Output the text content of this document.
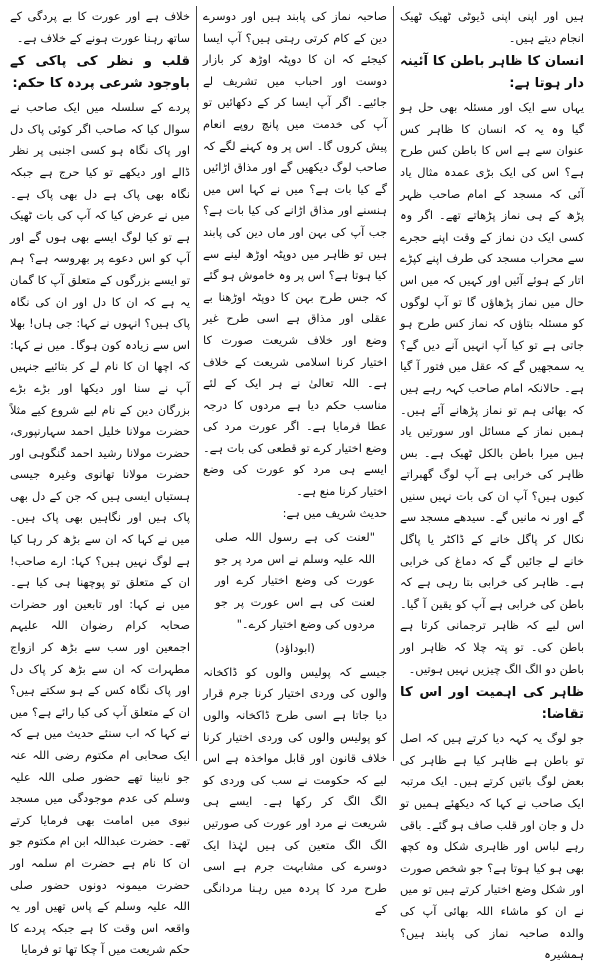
ہیں اور اپنی اپنی ڈیوٹی ٹھیک ٹھیک انجام دیتے ہیں۔

انسان کا ظاہر باطن کا آئینہ دار ہوتا ہے:

یہاں سے ایک اور مسئلہ بھی حل ہو گیا وہ یہ کہ انسان کا ظاہر کس عنوان سے ہے اس کا باطن کس طرح ہے؟ اس کی ایک بڑی عمدہ مثال یاد آئی کہ مسجد کے امام صاحب ظہر پڑھ کے ہی نماز پڑھاتے تھے۔ اگر وہ کسی ایک دن نماز کے وقت اپنے حجرے سے محراب مسجد کی طرف اپنے کپڑے اتار کے ہوئے آئیں اور کہیں کہ میں اس حال میں نماز پڑھاؤں گا تو آپ لوگوں کو مسئلہ بتاؤں کہ نماز کس طرح ہو جاتی ہے تو کیا آپ انہیں آنے دیں گے؟ یہ سمجھیں گے کہ عقل میں فتور آ گیا ہے۔ حالانکہ امام صاحب کہہ رہے ہیں کہ بھائی ہم تو نماز پڑھانے آئے ہیں۔ ہمیں نماز کے مسائل اور سورتیں یاد ہیں میرا باطن بالکل ٹھیک ہے۔ بس ظاہر کی خرابی ہے آپ لوگ گھبراتے کیوں ہیں؟ آپ ان کی بات نہیں سنیں گے اور نہ مانیں گے۔ سیدھے مسجد سے نکال کر پاگل خانے کے ڈاکٹر یا پاگل خانے لے جائیں گے کہ دماغ کی خرابی ہے۔ ظاہر کی خرابی بتا رہی ہے کہ باطن کی خرابی ہے آپ کو یقین آ گیا۔ اس لیے کہ ظاہر ترجمانی کرتا ہے باطن کی۔ تو پتہ چلا کہ ظاہر اور باطن دو الگ الگ چیزیں نہیں ہوتیں۔

ظاہر کی اہمیت اور اس کا تقاضا:

جو لوگ یہ کہہ دیا کرتے ہیں کہ اصل تو باطن ہے ظاہر کیا ہے ظاہر کی بعض لوگ باتیں کرتے ہیں۔ ایک مرتبہ ایک صاحب نے کہا کہ دیکھئے ہمیں تو دل و جان اور قلب صاف ہو گئے۔ باقی رہے لباس اور ظاہری شکل وہ کچھ بھی ہو کیا ہوتا ہے؟ جو شخص صورت اور شکل وضع اختیار کرتے ہیں تو میں نے ان کو ماشاء اللہ بھائی آپ کی والدہ صاحبہ نماز کی پابند ہیں؟ ہمشیرہ

صاحبہ نماز کی پابند ہیں اور دوسرے دین کے کام کرتی رہتی ہیں؟ آپ ایسا کیجئے کہ ان کا دوپٹہ اوڑھ کر بازار دوست اور احباب میں تشریف لے جائیے۔ اگر آپ ایسا کر کے دکھائیں تو آپ کی خدمت میں پانچ روپے انعام پیش کروں گا۔ اس پر وہ کہنے لگے کہ صاحب لوگ دیکھیں گے اور مذاق اڑائیں گے کیا بات ہے؟ میں نے کہا اس میں ہنسنے اور مذاق اڑانے کی کیا بات ہے؟ جب آپ کی بہن اور ماں دین کی پابند ہیں تو ظاہر میں دوپٹہ اوڑھ لینے سے کیا ہوتا ہے؟ اس پر وہ خاموش ہو گئے کہ جس طرح بہن کا دوپٹہ اوڑھنا بے عقلی اور مذاق ہے اسی طرح غیر وضع اور خلاف شریعت صورت کا اختیار کرنا اسلامی شریعت کے خلاف ہے۔ اللہ تعالیٰ نے ہر ایک کے لئے مناسب حکم دیا ہے مردوں کا درجہ عطا فرمایا ہے۔ اگر عورت مرد کی وضع اختیار کرے تو قطعی کی بات ہے۔ ایسے ہی مرد کو عورت کی وضع اختیار کرنا منع ہے۔

حدیث شریف میں ہے:

"لعنت کی ہے رسول اللہ صلی اللہ علیہ وسلم نے اس مرد پر جو عورت کی وضع اختیار کرے اور لعنت کی ہے اس عورت پر جو مردوں کی وضع اختیار کرے۔"

(ابوداؤد)

جیسے کہ پولیس والوں کو ڈاکخانہ والوں کی وردی اختیار کرنا جرم قرار دیا جاتا ہے اسی طرح ڈاکخانہ والوں کو پولیس والوں کی وردی اختیار کرنا خلاف قانون اور قابل مواخذہ ہے اس لیے کہ حکومت نے سب کی وردی کو الگ الگ کر رکھا ہے۔ ایسے ہی شریعت نے مرد اور عورت کی صورتیں الگ الگ متعین کی ہیں لہٰذا ایک دوسرے کی مشابہت جرم ہے اسی طرح مرد کا پردہ میں رہنا مردانگی کے

خلاف ہے اور عورت کا بے پردگی کے ساتھ رہنا عورت ہونے کے خلاف ہے۔

قلب و نظر کی پاکی کے باوجود شرعی پردہ کا حکم:

پردے کے سلسلہ میں ایک صاحب نے سوال کیا کہ صاحب اگر کوئی پاک دل اور پاک نگاہ ہو کسی اجنبی پر نظر ڈالے اور دیکھے تو کیا حرج ہے جبکہ نگاہ بھی پاک ہے دل بھی پاک ہے۔ میں نے عرض کیا کہ آپ کی بات ٹھیک ہے تو کیا لوگ ایسے بھی ہوں گے اور آپ کو اس دعوے پر بھروسہ ہے؟ ہم تو ایسے بزرگوں کے متعلق آپ کا گمان یہ ہے کہ ان کا دل اور ان کی نگاہ پاک ہیں؟ انہوں نے کہا: جی ہاں! بھلا اس سے زیادہ کون ہوگا۔ میں نے کہا: کہ اچھا ان کا نام لے کر بتائیے جنہیں آپ نے سنا اور دیکھا اور بڑے بڑے بزرگان دین کے نام لیے شروع کیے مثلاً حضرت مولانا خلیل احمد سہارنپوری، حضرت مولانا رشید احمد گنگوہی اور حضرت مولانا تھانوی وغیرہ جیسی ہستیاں ایسی ہیں کہ جن کے دل بھی پاک ہیں اور نگاہیں بھی پاک ہیں۔ میں نے کہا کہ ان سے بڑھ کر رہا کیا ہے لوگ نہیں ہیں؟ کہا: ارے صاحب! ان کے متعلق تو پوچھنا ہی کیا ہے۔ میں نے کہا: اور تابعین اور حضرات صحابہ کرام رضوان اللہ علیہم اجمعین اور سب سے بڑھ کر ازواج مطہرات کہ ان سے بڑھ کر پاک دل اور پاک نگاہ کس کے ہو سکتے ہیں؟ ان کے متعلق آپ کی کیا رائے ہے؟ میں نے کہا کہ اب سنئے حدیث میں ہے کہ ایک صحابی ام مکتوم رضی اللہ عنہ جو نابینا تھے حضور صلی اللہ علیہ وسلم کی عدم موجودگی میں مسجد نبوی میں امامت بھی فرمایا کرتے تھے۔ حضرت عبداللہ ابن ام مکتوم جو ان کا نام ہے حضرت ام سلمہ اور حضرت میمونہ دونوں حضور صلی اللہ علیہ وسلم کے پاس تھیں اور یہ واقعہ اس وقت کا ہے جبکہ پردے کا حکم شریعت میں آ چکا تھا تو فرمایا
